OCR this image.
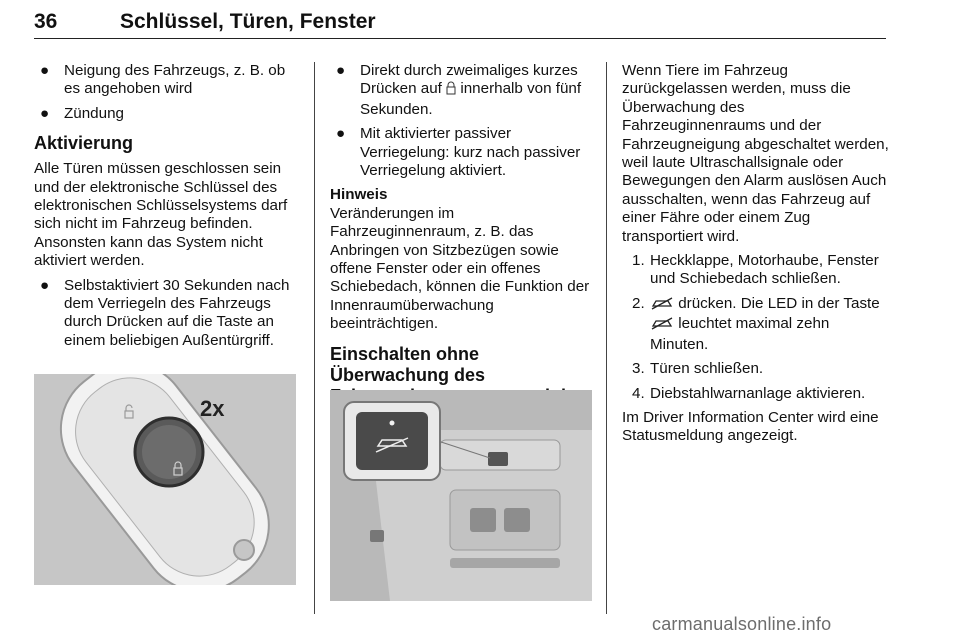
36	Schlüssel, Türen, Fenster
● Neigung des Fahrzeugs, z. B. ob es angehoben wird
● Zündung
Aktivierung

Alle Türen müssen geschlossen sein und der elektronische Schlüssel des elektronischen Schlüsselsystems darf sich nicht im Fahrzeug befinden. Ansonsten kann das System nicht aktiviert werden.

● Selbstaktiviert 30 Sekunden nach dem Verriegeln des Fahrzeugs durch Drücken auf die Taste an einem beliebigen Außentürgriff.
2x
● Direkt durch zweimaliges kurzes Drücken auf innerhalb von fünf Sekunden.
● Mit aktivierter passiver Verriegelung: kurz nach passiver Verriegelung aktiviert.
Hinweis

Veränderungen im Fahrzeuginnenraum, z. B. das Anbringen von Sitzbezügen sowie offene Fenster oder ein offenes Schiebedach, können die Funktion der Innenraumüberwachung beeinträchtigen.

Einschalten ohne Überwachung des

Wenn Tiere im Fahrzeug zurückgelassen werden, muss die Überwachung des Fahrzeuginnenraums und der Fahrzeugneigung abgeschaltet werden, weil laute Ultraschallsignale oder Bewegungen den Alarm auslösen Auch ausschalten, wenn das Fahrzeug auf einer Fähre oder einem Zug transportiert wird.

1. Heckklappe, Motorhaube, Fenster und Schiebedach schließen.
2. drücken. Die LED in der Taste  leuchtet maximal zehn Minuten.
3. Türen schließen.
4. Diebstahlwarnanlage aktivieren.

Im Driver Information Center wird eine Statusmeldung angezeigt.

carmanualsonline.info
